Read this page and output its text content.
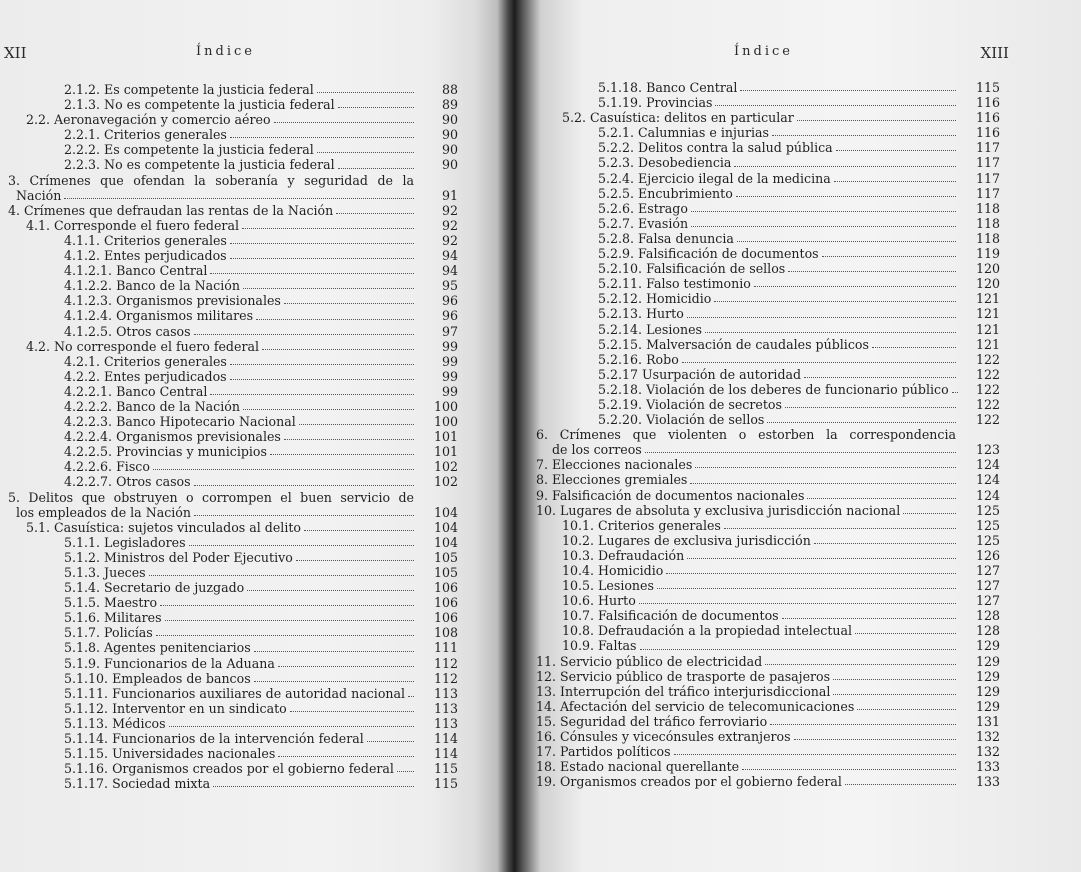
XII	Índice
2.1.2. Es competente la justicia federal	88
2.1.3. No es competente la justicia federal	89
2.2. Aeronavegación y comercio aéreo	90
2.2.1. Criterios generales	90
2.2.2. Es competente la justicia federal	90
2.2.3. No es competente la justicia federal	90
3. Crímenes que ofendan la soberanía y seguridad de la
Nación	91
4. Crímenes que defraudan las rentas de la Nación	92
4.1. Corresponde el fuero federal	92
4.1.1. Criterios generales	92
4.1.2. Entes perjudicados	94
4.1.2.1. Banco Central	94
4.1.2.2. Banco de la Nación	95
4.1.2.3. Organismos previsionales	96
4.1.2.4. Organismos militares	96
4.1.2.5. Otros casos	97
4.2. No corresponde el fuero federal	99
4.2.1. Criterios generales	99
4.2.2. Entes perjudicados	99
4.2.2.1. Banco Central	99
4.2.2.2. Banco de la Nación	100
4.2.2.3. Banco Hipotecario Nacional	100
4.2.2.4. Organismos previsionales	101
4.2.2.5. Provincias y municipios	101
4.2.2.6. Fisco	102
4.2.2.7. Otros casos	102
5. Delitos que obstruyen o corrompen el buen servicio de
los empleados de la Nación	104
5.1. Casuística: sujetos vinculados al delito	104
5.1.1. Legisladores	104
5.1.2. Ministros del Poder Ejecutivo	105
5.1.3. Jueces	105
5.1.4. Secretario de juzgado	106
5.1.5. Maestro	106
5.1.6. Militares	106
5.1.7. Policías	108
5.1.8. Agentes penitenciarios	111
5.1.9. Funcionarios de la Aduana	112
5.1.10. Empleados de bancos	112
5.1.11. Funcionarios auxiliares de autoridad nacional	113
5.1.12. Interventor en un sindicato	113
5.1.13. Médicos	113
5.1.14. Funcionarios de la intervención federal	114
5.1.15. Universidades nacionales	114
5.1.16. Organismos creados por el gobierno federal	115
5.1.17. Sociedad mixta	115
XIII
Índice
5.1.18. Banco Central	115
5.1.19. Provincias	116
5.2. Casuística: delitos en particular	116
5.2.1. Calumnias e injurias	116
5.2.2. Delitos contra la salud pública	117
5.2.3. Desobediencia	117
5.2.4. Ejercicio ilegal de la medicina	117
5.2.5. Encubrimiento	117
5.2.6. Estrago	118
5.2.7. Evasión	118
5.2.8. Falsa denuncia	118
5.2.9. Falsificación de documentos	119
5.2.10. Falsificación de sellos	120
5.2.11. Falso testimonio	120
5.2.12. Homicidio	121
5.2.13. Hurto	121
5.2.14. Lesiones	121
5.2.15. Malversación de caudales públicos	121
5.2.16. Robo	122
5.2.17 Usurpación de autoridad	122
5.2.18. Violación de los deberes de funcionario público	122
5.2.19. Violación de secretos	122
5.2.20. Violación de sellos	122
6. Crímenes que violenten o estorben la correspondencia
de los correos	123
7. Elecciones nacionales	124
8. Elecciones gremiales	124
9. Falsificación de documentos nacionales	124
10. Lugares de absoluta y exclusiva jurisdicción nacional	125
10.1. Criterios generales	125
10.2. Lugares de exclusiva jurisdicción	125
10.3. Defraudación	126
10.4. Homicidio	127
10.5. Lesiones	127
10.6. Hurto	127
10.7. Falsificación de documentos	128
10.8. Defraudación a la propiedad intelectual	128
10.9. Faltas	129
11. Servicio público de electricidad	129
12. Servicio público de trasporte de pasajeros	129
13. Interrupción del tráfico interjurisdiccional	129
14. Afectación del servicio de telecomunicaciones	129
15. Seguridad del tráfico ferroviario	131
16. Cónsules y vicecónsules extranjeros	132
17. Partidos políticos	132
18. Estado nacional querellante	133
19. Organismos creados por el gobierno federal	133
